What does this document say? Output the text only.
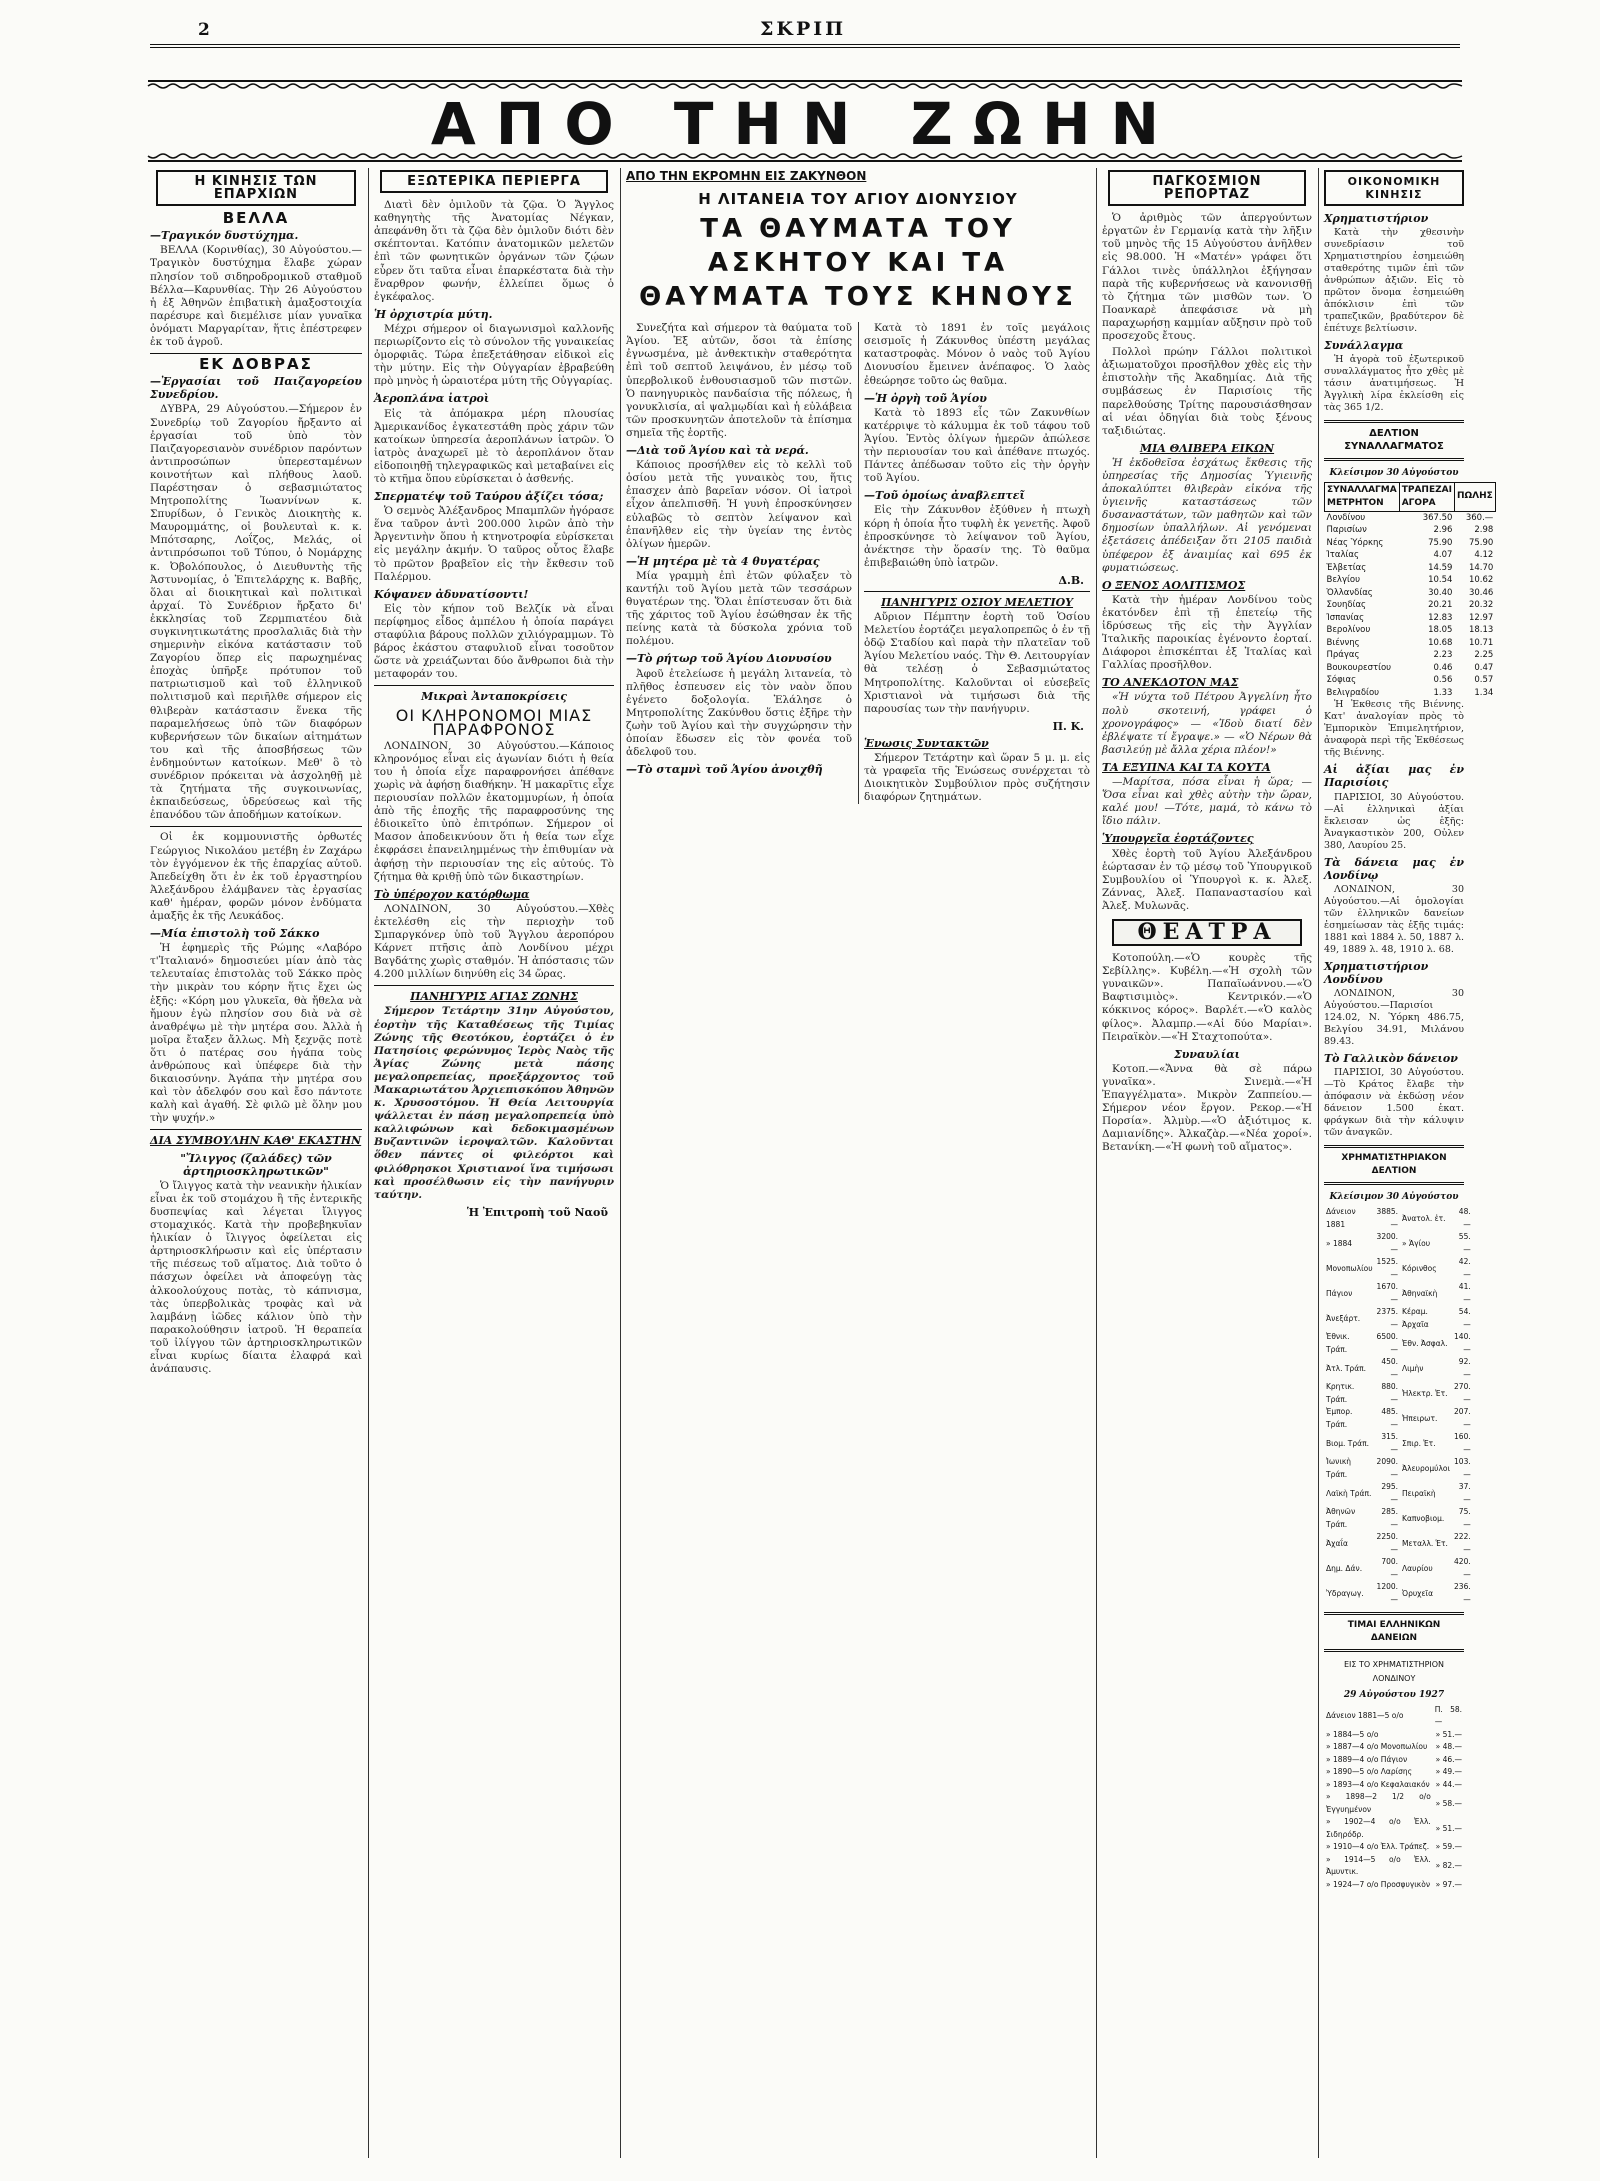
2	ΣΚΡΙΠ
ΑΠΟ ΤΗΝ ΖΩΗΝ
Η ΚΙΝΗΣΙΣ ΤΩΝ ΕΠΑΡΧΙΩΝ
ΒΕΛΛΑ
—Τραγικόν δυστύχημα.

ΒΕΛΛΑ (Κορινθίας), 30 Αὐγούστου.—Τραγικὸν δυστύχημα ἔλαβε χώραν πλησίον τοῦ σιδηροδρομικοῦ σταθμοῦ Βέλλα—Καρυνθίας. Τὴν 26 Αὐγούστου ἡ ἐξ Ἀθηνῶν ἐπιβατικὴ ἁμαξοστοιχία παρέσυρε καὶ διεμέλισε μίαν γυναῖκα ὀνόματι Μαργαρίταν, ἥτις ἐπέστρεφεν ἐκ τοῦ ἀγροῦ.

ΕΚ ΔΟΒΡΑΣ
—Ἐργασίαι τοῦ Παιζαγορείου Συνεδρίου.

ΔΥΒΡΑ, 29 Αὐγούστου.—Σήμερον ἐν Συνεδρίῳ τοῦ Ζαγορίου ἤρξαντο αἱ ἐργασίαι τοῦ ὑπὸ τὸν Παιζαγορεσιανὸν συνέδριον παρόντων ἀντιπροσώπων ὑπερεσταμένων κοινοτήτων καὶ πλήθους λαοῦ. Παρέστησαν ὁ σεβασμιώτατος Μητροπολίτης Ἰωαννίνων κ. Σπυρίδων, ὁ Γενικὸς Διοικητὴς κ. Μαυρομμάτης, οἱ βουλευταὶ κ. κ. Μπότσαρης, Λοΐζος, Μελάς, οἱ ἀντιπρόσωποι τοῦ Τύπου, ὁ Νομάρχης κ. Ὀβολόπουλος, ὁ Διευθυντὴς τῆς Ἀστυνομίας, ὁ Ἐπιτελάρχης κ. Βαβῆς, ὅλαι αἱ διοικητικαὶ καὶ πολιτικαὶ ἀρχαί. Τὸ Συνέδριον ἤρξατο δι' ἐκκλησίας τοῦ Ζερμπιατέου διὰ συγκινητικωτάτης προσλαλιᾶς διὰ τὴν σημερινὴν εἰκόνα κατάστασιν τοῦ Ζαγορίου ὅπερ εἰς παρωχημένας ἐποχὰς ὑπῆρξε πρότυπον τοῦ πατριωτισμοῦ καὶ τοῦ ἐλληνικοῦ πολιτισμοῦ καὶ περιῆλθε σήμερον εἰς θλιβερὰν κατάστασιν ἕνεκα τῆς παραμελήσεως ὑπὸ τῶν διαφόρων κυβερνήσεων τῶν δικαίων αἰτημάτων του καὶ τῆς ἀποσβήσεως τῶν ἐνδημούντων κατοίκων. Μεθ' ὃ τὸ συνέδριον πρόκειται νὰ ἀσχοληθῇ μὲ τὰ ζητήματα τῆς συγκοινωνίας, ἐκπαιδεύσεως, ὑδρεύσεως καὶ τῆς ἐπανόδου τῶν ἀποδήμων κατοίκων.

Οἱ ἐκ κομμουνιστῆς ὀρθωτές Γεώργιος Νικολάου μετέβη ἐν Ζαχάρω τὸν ἐγγόμενον ἐκ τῆς ἐπαρχίας αὐτοῦ. Ἀπεδείχθη ὅτι ἐν ἐκ τοῦ ἐργαστηρίου Ἀλεξάνδρου ἐλάμβανεν τὰς ἐργασίας καθ' ἡμέραν, φορῶν μόνον ἐνδύματα ἀμαξῆς ἐκ τῆς Λευκάδος.

—Μία ἐπιστολὴ τοῦ Σάκκο

Ἡ ἐφημερὶς τῆς Ρώμης «Λαβόρο τ'Ἰταλιανό» δημοσιεύει μίαν ἀπὸ τὰς τελευταίας ἐπιστολὰς τοῦ Σάκκο πρὸς τὴν μικρὰν του κόρην ἥτις ἔχει ὡς ἑξῆς: «Κόρη μου γλυκεῖα, θὰ ἤθελα νὰ ἤμουν ἐγὼ πλησίον σου διὰ νὰ σὲ ἀναθρέψω μὲ τὴν μητέρα σου. Ἀλλὰ ἡ μοῖρα ἔταξεν ἄλλως. Μὴ ξεχνᾷς ποτὲ ὅτι ὁ πατέρας σου ἠγάπα τοὺς ἀνθρώπους καὶ ὑπέφερε διὰ τὴν δικαιοσύνην. Ἀγάπα τὴν μητέρα σου καὶ τὸν ἀδελφόν σου καὶ ἔσο πάντοτε καλὴ καὶ ἀγαθή. Σὲ φιλῶ μὲ ὅλην μου τὴν ψυχήν.»

ΔΙΑ ΣΥΜΒΟΥΛΗΝ ΚΑΘ' ΕΚΑΣΤΗΝ
"Ἴλιγγος (ζαλάδες) τῶν ἀρτηριοσκληρωτικῶν"

Ὁ ἴλιγγος κατὰ τὴν νεανικὴν ἡλικίαν εἶναι ἐκ τοῦ στομάχου ἢ τῆς ἐντερικῆς δυσπεψίας καὶ λέγεται ἴλιγγος στομαχικός. Κατὰ τὴν προβεβηκυῖαν ἡλικίαν ὁ ἴλιγγος ὀφείλεται εἰς ἀρτηριοσκλήρωσιν καὶ εἰς ὑπέρτασιν τῆς πιέσεως τοῦ αἵματος. Διὰ τοῦτο ὁ πάσχων ὀφείλει νὰ ἀποφεύγῃ τὰς ἀλκοολούχους ποτὰς, τὸ κάπνισμα, τὰς ὑπερβολικὰς τροφὰς καὶ νὰ λαμβάνῃ ἰῶδες κάλιον ὑπὸ τὴν παρακολούθησιν ἰατροῦ. Ἡ θεραπεία τοῦ ἰλίγγου τῶν ἀρτηριοσκληρωτικῶν εἶναι κυρίως δίαιτα ἐλαφρά καὶ ἀνάπαυσις.

ΕΞΩΤΕΡΙΚΑ ΠΕΡΙΕΡΓΑ

Διατὶ δὲν ὁμιλοῦν τὰ ζῷα. Ὁ Ἄγγλος καθηγητὴς τῆς Ἀνατομίας Νέγκαν, ἀπεφάνθη ὅτι τὰ ζῷα δὲν ὁμιλοῦν διότι δὲν σκέπτονται. Κατόπιν ἀνατομικῶν μελετῶν ἐπὶ τῶν φωνητικῶν ὀργάνων τῶν ζῴων εὗρεν ὅτι ταῦτα εἶναι ἐπαρκέστατα διὰ τὴν ἔναρθρον φωνήν, ἐλλείπει ὅμως ὁ ἐγκέφαλος.

Ἡ ὀρχιστρία μύτη.

Μέχρι σήμερον οἱ διαγωνισμοὶ καλλονῆς περιωρίζοντο εἰς τὸ σύνολον τῆς γυναικείας ὀμορφιᾶς. Τώρα ἐπεξετάθησαν εἰδικοὶ εἰς τὴν μύτην. Εἰς τὴν Οὐγγαρίαν ἐβραβεύθη πρὸ μηνὸς ἡ ὡραιοτέρα μύτη τῆς Οὐγγαρίας.

Ἀεροπλάνα ἰατροὶ

Εἰς τὰ ἀπόμακρα μέρη πλουσίας Ἀμερικανίδος ἐγκατεστάθη πρὸς χάριν τῶν κατοίκων ὑπηρεσία ἀεροπλάνων ἰατρῶν. Ὁ ἰατρὸς ἀναχωρεῖ μὲ τὸ ἀεροπλάνον ὅταν εἰδοποιηθῇ τηλεγραφικῶς καὶ μεταβαίνει εἰς τὸ κτῆμα ὅπου εὑρίσκεται ὁ ἀσθενής.

Σπερματέψ τοῦ Ταύρου ἀξίζει τόσα;

Ὁ σεμνὸς Ἀλέξανδρος Μπαμπλῶν ἠγόρασε ἕνα ταῦρον ἀντὶ 200.000 λιρῶν ἀπὸ τὴν Ἀργεντινὴν ὅπου ἡ κτηνοτροφία εὑρίσκεται εἰς μεγάλην ἀκμήν. Ὁ ταῦρος οὗτος ἔλαβε τὸ πρῶτον βραβεῖον εἰς τὴν ἔκθεσιν τοῦ Παλέρμου.

Κόψανεν ἀδυνατίσοντι!

Εἰς τὸν κήπον τοῦ Βελζίκ νὰ εἶναι περίφημος εἶδος ἀμπέλου ἡ ὁποία παράγει σταφύλια βάρους πολλῶν χιλιόγραμμων. Τὸ βάρος ἑκάστου σταφυλιοῦ εἶναι τοσοῦτον ὥστε νὰ χρειάζωνται δύο ἄνθρωποι διὰ τὴν μεταφοράν του.

Μικραὶ Ἀνταποκρίσεις
ΟΙ ΚΛΗΡΟΝΟΜΟΙ ΜΙΑΣ ΠΑΡΑΦΡΟΝΟΣ

ΛΟΝΔΙΝΟΝ, 30 Αὐγούστου.—Κάποιος κληρονόμος εἶναι εἰς ἀγωνίαν διότι ἡ θεία του ἡ ὁποία εἶχε παραφρονήσει ἀπέθανε χωρὶς νὰ ἀφήσῃ διαθήκην. Ἡ μακαρῖτις εἶχε περιουσίαν πολλῶν ἑκατομμυρίων, ἡ ὁποία ἀπὸ τῆς ἐποχῆς τῆς παραφροσύνης της ἐδιοικεῖτο ὑπὸ ἐπιτρόπων. Σήμερον οἱ Μασον ἀποδεικνύουν ὅτι ἡ θεία των εἶχε ἐκφράσει ἐπανειλημμένως τὴν ἐπιθυμίαν νὰ ἀφήσῃ τὴν περιουσίαν της εἰς αὐτούς. Τὸ ζήτημα θὰ κριθῇ ὑπὸ τῶν δικαστηρίων.

Τὸ ὑπέροχον κατόρθωμα

ΛΟΝΔΙΝΟΝ, 30 Αὐγούστου.—Χθὲς ἐκτελέσθη εἰς τὴν περιοχὴν τοῦ Σμπαργκόνερ ὑπὸ τοῦ Ἄγγλου ἀεροπόρου Κάρνετ πτῆσις ἀπὸ Λονδίνου μέχρι Βαγδάτης χωρὶς σταθμόν. Ἡ ἀπόστασις τῶν 4.200 μιλλίων διηνύθη εἰς 34 ὥρας.

ΠΑΝΗΓΥΡΙΣ ΑΓΙΑΣ ΖΩΝΗΣ

Σήμερον Τετάρτην 31ην Αὐγούστου, ἑορτὴν τῆς Καταθέσεως τῆς Τιμίας Ζώνης τῆς Θεοτόκου, ἑορτάζει ὁ ἐν Πατησίοις φερώνυμος Ἱερὸς Ναὸς τῆς Ἁγίας Ζώνης μετὰ πάσης μεγαλοπρεπείας, προεξάρχοντος τοῦ Μακαριωτάτου Ἀρχιεπισκόπου Ἀθηνῶν κ. Χρυσοστόμου. Ἡ Θεία Λειτουργία ψάλλεται ἐν πάσῃ μεγαλοπρεπείᾳ ὑπὸ καλλιφώνων καὶ δεδοκιμασμένων Βυζαντινῶν ἱεροψαλτῶν. Καλοῦνται ὅθεν πάντες οἱ φιλεόρτοι καὶ φιλόθρησκοι Χριστιανοί ἵνα τιμήσωσι καὶ προσέλθωσιν εἰς τὴν πανήγυριν ταύτην.

Ἡ Ἐπιτροπὴ τοῦ Ναοῦ
ΑΠΟ ΤΗΝ ΕΚΡΟΜΗΝ ΕΙΣ ΖΑΚΥΝΘΟΝ
Η ΛΙΤΑΝΕΙΑ ΤΟΥ ΑΓΙΟΥ ΔΙΟΝΥΣΙΟΥ
ΤΑ ΘΑΥΜΑΤΑ ΤΟΥ ΑΣΚΗΤΟΥ ΚΑΙ ΤΑ ΘΑΥΜΑΤΑ ΤΟΥΣ ΚΗΝΟΥΣ

Συνεζήτα καὶ σήμερον τὰ θαύματα τοῦ Ἁγίου. Ἐξ αὐτῶν, ὅσοι τὰ ἐπίσης ἐγνωσμένα, μὲ ἀνθεκτικὴν σταθερότητα ἐπὶ τοῦ σεπτοῦ λειψάνου, ἐν μέσῳ τοῦ ὑπερβολικοῦ ἐνθουσιασμοῦ τῶν πιστῶν. Ὁ πανηγυρικὸς πανδαίσια τῆς πόλεως, ἡ γονυκλισία, αἱ ψαλμῳδίαι καὶ ἡ εὐλάβεια τῶν προσκυνητῶν ἀποτελοῦν τὰ ἐπίσημα σημεῖα τῆς ἑορτῆς.

—Διὰ τοῦ Ἁγίου καὶ τὰ νερά.

Κάποιος προσήλθεν εἰς τὸ κελλὶ τοῦ ὁσίου μετὰ τῆς γυναικὸς του, ἥτις ἐπασχεν ἀπὸ βαρεῖαν νόσον. Οἱ ἰατροὶ εἶχον ἀπελπισθῆ. Ἡ γυνὴ ἐπροσκύνησεν εὐλαβῶς τὸ σεπτὸν λείψανον καὶ ἐπανῆλθεν εἰς τὴν ὑγείαν της ἐντὸς ὀλίγων ἡμερῶν.

—Ἡ μητέρα μὲ τὰ 4 θυγατέρας

Μία γραμμὴ ἐπὶ ἐτῶν φύλαξεν τὸ καντήλι τοῦ Ἁγίου μετὰ τῶν τεσσάρων θυγατέρων της. Ὅλαι ἐπίστευσαν ὅτι διὰ τῆς χάριτος τοῦ Ἁγίου ἐσώθησαν ἐκ τῆς πείνης κατὰ τὰ δύσκολα χρόνια τοῦ πολέμου.

—Τὸ ρήτωρ τοῦ Ἁγίου Διονυσίου

Ἀφοῦ ἐτελείωσε ἡ μεγάλη λιτανεία, τὸ πλῆθος ἐσπευσεν εἰς τὸν ναὸν ὅπου ἐγένετο δοξολογία. Ἐλάλησε ὁ Μητροπολίτης Ζακύνθου ὅστις ἐξῆρε τὴν ζωὴν τοῦ Ἁγίου καὶ τὴν συγχώρησιν τὴν ὁποίαν ἔδωσεν εἰς τὸν φονέα τοῦ ἀδελφοῦ του.

—Τὸ σταμνὶ τοῦ Ἁγίου ἀνοιχθῆ

Κατὰ τὸ 1891 ἐν τοῖς μεγάλοις σεισμοῖς ἡ Ζάκυνθος ὑπέστη μεγάλας καταστροφὰς. Μόνον ὁ ναὸς τοῦ Ἁγίου Διονυσίου ἔμεινεν ἀνέπαφος. Ὁ λαὸς ἐθεώρησε τοῦτο ὡς θαῦμα.

—Ἡ ὀργὴ τοῦ Ἁγίου

Κατὰ τὸ 1893 εἷς τῶν Ζακυνθίων κατέρριψε τὸ κάλυμμα ἐκ τοῦ τάφου τοῦ Ἁγίου. Ἐντὸς ὀλίγων ἡμερῶν ἀπώλεσε τὴν περιουσίαν του καὶ ἀπέθανε πτωχός. Πάντες ἀπέδωσαν τοῦτο εἰς τὴν ὀργὴν τοῦ Ἁγίου.

—Τοῦ ὁμοίως ἀναβλεπτεῖ

Εἰς τὴν Ζάκυνθον ἐξύθνεν ἡ πτωχὴ κόρη ἡ ὁποία ἦτο τυφλὴ ἐκ γενετῆς. Ἀφοῦ ἐπροσκύνησε τὸ λείψανον τοῦ Ἁγίου, ἀνέκτησε τὴν ὅρασίν της. Τὸ θαῦμα ἐπιβεβαιώθη ὑπὸ ἰατρῶν.

Δ.Β.
ΠΑΝΗΓΥΡΙΣ ΟΣΙΟΥ ΜΕΛΕΤΙΟΥ

Αὔριον Πέμπτην ἑορτὴ τοῦ Ὁσίου Μελετίου ἑορτάζει μεγαλοπρεπῶς ὁ ἐν τῇ ὁδῷ Σταδίου καὶ παρὰ τὴν πλατεῖαν τοῦ Ἁγίου Μελετίου ναός. Τὴν Θ. Λειτουργίαν θὰ τελέσῃ ὁ Σεβασμιώτατος Μητροπολίτης. Καλοῦνται οἱ εὐσεβεῖς Χριστιανοὶ νὰ τιμήσωσι διὰ τῆς παρουσίας των τὴν πανήγυριν.

Π. Κ.
Ἑνωσις Συντακτῶν

Σήμερον Τετάρτην καὶ ὥραν 5 μ. μ. εἰς τὰ γραφεῖα τῆς Ἑνώσεως συνέρχεται τὸ Διοικητικὸν Συμβούλιον πρὸς συζήτησιν διαφόρων ζητημάτων.

ΠΑΓΚΟΣΜΙΟΝ ΡΕΠΟΡΤΑΖ

Ὁ ἀριθμὸς τῶν ἀπεργούντων ἐργατῶν ἐν Γερμανίᾳ κατὰ τὴν λῆξιν τοῦ μηνὸς τῆς 15 Αὐγούστου ἀνῆλθεν εἰς 98.000. Ἡ «Ματέν» γράφει ὅτι Γάλλοι τινὲς ὑπάλληλοι ἐξήγησαν παρὰ τῆς κυβερνήσεως νὰ κανονισθῇ τὸ ζήτημα τῶν μισθῶν των. Ὁ Ποανκαρὲ ἀπεφάσισε νὰ μὴ παραχωρήσῃ καμμίαν αὔξησιν πρὸ τοῦ προσεχοῦς ἔτους.

Πολλοὶ πρώην Γάλλοι πολιτικοὶ ἀξιωματοῦχοι προσῆλθον χθὲς εἰς τὴν ἐπιστολὴν τῆς Ἀκαδημίας. Διὰ τῆς συμβάσεως ἐν Παρισίοις τῆς παρελθούσης Τρίτης παρουσιάσθησαν αἱ νέαι ὁδηγίαι διὰ τοὺς ξένους ταξιδιώτας.

ΜΙΑ ΘΛΙΒΕΡΑ ΕΙΚΩΝ

Ἡ ἐκδοθεῖσα ἐσχάτως ἔκθεσις τῆς ὑπηρεσίας τῆς Δημοσίας Ὑγιεινῆς ἀποκαλύπτει θλιβερὰν εἰκόνα τῆς ὑγιεινῆς καταστάσεως τῶν δυσαναστάτων, τῶν μαθητῶν καὶ τῶν δημοσίων ὑπαλλήλων. Αἱ γενόμεναι ἐξετάσεις ἀπέδειξαν ὅτι 2105 παιδιὰ ὑπέφερον ἐξ ἀναιμίας καὶ 695 ἐκ φυματιώσεως.

Ο ΞΕΝΟΣ ΑΟΛΙΤΙΣΜΟΣ

Κατὰ τὴν ἡμέραν Λονδίνου τοὺς ἑκατόνδεν ἐπὶ τῇ ἐπετείῳ τῆς ἱδρύσεως τῆς εἰς τὴν Ἀγγλίαν Ἰταλικῆς παροικίας ἐγένοντο ἑορταί. Διάφοροι ἐπισκέπται ἐξ Ἰταλίας καὶ Γαλλίας προσῆλθον.

ΤΟ ΑΝΕΚΔΟΤΟΝ ΜΑΣ

«Ἡ νύχτα τοῦ Πέτρου Ἀγγελίνη ἦτο πολὺ σκοτεινή, γράφει ὁ χρονογράφος» — «Ἰδοὺ διατί δὲν ἐβλέψατε τί ἔγραψε.» — «Ὁ Νέρων θὰ βασιλεύῃ μὲ ἄλλα χέρια πλέον!»

ΤΑ ΕΞΥΠΝΑ ΚΑΙ ΤΑ ΚΟΥΤΑ

—Μαρίτσα, πόσα εἶναι ἡ ὥρα; — Ὅσα εἶναι καὶ χθὲς αὐτὴν τὴν ὥραν, καλέ μου! —Τότε, μαμά, τὸ κάνω τὸ ἴδιο πάλιν.

Ὑπουργεῖα ἑορτάζοντες

Χθὲς ἑορτὴ τοῦ Ἁγίου Ἀλεξάνδρου ἑώρτασαν ἐν τῷ μέσῳ τοῦ Ὑπουργικοῦ Συμβουλίου οἱ Ὑπουργοὶ κ. κ. Ἀλεξ. Ζάννας, Ἀλεξ. Παπαναστασίου καὶ Ἀλεξ. Μυλωνᾶς.

ΘΕΑΤΡΑ

Κοτοπούλη.—«Ὁ κουρὲς τῆς Σεβίλλης». Κυβέλη.—«Ἡ σχολὴ τῶν γυναικῶν». Παπαϊωάννου.—«Ὁ Βαφτισιμιὸς». Κεντρικόν.—«Ὁ κόκκινος κόρος». Βαρλέτ.—«Ὁ καλὸς φίλος». Ἀλαμπρ.—«Αἱ δύο Μαρίαι». Πειραϊκὸν.—«Ἡ Σταχτοπούτα».

Συναυλίαι

Κοτοπ.—«Ἄννα θὰ σὲ πάρω γυναῖκα». Σινεμὰ.—«Ἡ Ἐπαγγέλματα». Μικρὸν Ζαππείου.—Σήμερον νέον ἔργον. Ρεκορ.—«Ἡ Πορσία». Ἀλμὺρ.—«Ὁ ἀξιότιμος κ. Δαμιανίδης». Ἀλκαζὰρ.—«Νέα χοροί». Βετανίκη.—«Ἡ φωνὴ τοῦ αἵματος».

ΟΙΚΟΝΟΜΙΚΗ ΚΙΝΗΣΙΣ
Χρηματιστήριον

Κατὰ τὴν χθεσινὴν συνεδρίασιν τοῦ Χρηματιστηρίου ἐσημειώθη σταθερότης τιμῶν ἐπὶ τῶν ἀνθρώπων ἀξιῶν. Εἰς τὸ πρῶτον ὅνομα ἐσημειώθη ἀπόκλισιν ἐπὶ τῶν τραπεζικῶν, βραδύτερον δὲ ἐπέτυχε βελτίωσιν.

Συνάλλαγμα

Ἡ ἀγορὰ τοῦ ἐξωτερικοῦ συναλλάγματος ἦτο χθὲς μὲ τάσιν ἀνατιμήσεως. Ἡ Ἀγγλικὴ λίρα ἐκλείσθη εἰς τὰς 365 1/2.

ΔΕΛΤΙΟΝ ΣΥΝΑΛΛΑΓΜΑΤΟΣ
Κλείσιμον 30 Αὐγούστου
ΣΥΝΑΛΛΑΓΜΑ ΜΕΤΡΗΤΟΝ	ΤΡΑΠΕΖΑΙ ΑΓΟΡΑ	ΠΩΛΗΣ
Λονδίνου	367.50	360.—
Παρισίων	2.96	2.98
Νέας Ὑόρκης	75.90	75.90
Ἰταλίας	4.07	4.12
Ἑλβετίας	14.59	14.70
Βελγίου	10.54	10.62
Ὁλλανδίας	30.40	30.46
Σουηδίας	20.21	20.32
Ἰσπανίας	12.83	12.97
Βερολίνου	18.05	18.13
Βιέννης	10.68	10.71
Πράγας	2.23	2.25
Βουκουρεστίου	0.46	0.47
Σόφιας	0.56	0.57
Βελιγραδίου	1.33	1.34

Ἡ Ἐκθεσις τῆς Βιέννης. Κατ' ἀναλογίαν πρὸς τὸ Ἐμπορικὸν Ἐπιμελητήριον, ἀναφορὰ περὶ τῆς Ἐκθέσεως τῆς Βιέννης.

Αἱ ἀξίαι μας ἐν Παρισίοις

ΠΑΡΙΣΙΟΙ, 30 Αὐγούστου.—Αἱ ἑλληνικαὶ ἀξίαι ἔκλεισαν ὡς ἑξῆς: Ἀναγκαστικὸν 200, Οὐλεν 380, Λαυρίου 25.

Τὰ δάνεια μας ἐν Λονδίνῳ

ΛΟΝΔΙΝΟΝ, 30 Αὐγούστου.—Αἱ ὁμολογίαι τῶν ἑλληνικῶν δανείων ἐσημείωσαν τὰς ἑξῆς τιμάς: 1881 καὶ 1884 λ. 50, 1887 λ. 49, 1889 λ. 48, 1910 λ. 68.

Χρηματιστήριον Λονδίνου

ΛΟΝΔΙΝΟΝ, 30 Αὐγούστου.—Παρισίοι 124.02, Ν. Ὑόρκη 486.75, Βελγίου 34.91, Μιλάνου 89.43.

Τὸ Γαλλικὸν δάνειον

ΠΑΡΙΣΙΟΙ, 30 Αὐγούστου.—Τὸ Κράτος ἔλαβε τὴν ἀπόφασιν νὰ ἐκδώσῃ νέον δάνειον 1.500 ἑκατ. φράγκων διὰ τὴν κάλυψιν τῶν ἀναγκῶν.

ΧΡΗΜΑΤΙΣΤΗΡΙΑΚΟΝ ΔΕΛΤΙΟΝ
Κλείσιμον 30 Αὐγούστου
Δάνειον 1881	3885.—	Ἀνατολ. ἑτ.	48.—
» 1884	3200.—	» Ἁγίου	55.—
Μονοπωλίου	1525.—	Κόρινθος	42.—
Πάγιον	1670.—	Ἀθηναϊκὴ	41.—
Ἀνεξάρτ.	2375.—	Κέραμ. Ἀρχαῖα	54.—
Ἐθνικ. Τράπ.	6500.—	Ἐθν. Ἀσφαλ.	140.—
Ἀτλ. Τράπ.	450.—	Λιμὴν	92.—
Κρητικ. Τράπ.	880.—	Ἡλεκτρ. Ἑτ.	270.—
Ἐμπορ. Τράπ.	485.—	Ἠπειρωτ.	207.—
Βιομ. Τράπ.	315.—	Σπιρ. Ἑτ.	160.—
Ἰωνικὴ Τράπ.	2090.—	Ἀλευρομύλοι	103.—
Λαϊκὴ Τράπ.	295.—	Πειραϊκὴ	37.—
Ἀθηνῶν Τράπ.	285.—	Καπνοβιομ.	75.—
Ἀχαΐα	2250.—	Μεταλλ. Ἑτ.	222.—
Δημ. Δάν.	700.—	Λαυρίου	420.—
Ὑδραγωγ.	1200.—	Ὀρυχεῖα	236.—
ΤΙΜΑΙ ΕΛΛΗΝΙΚΩΝ ΔΑΝΕΙΩΝ
ΕΙΣ ΤΟ ΧΡΗΜΑΤΙΣΤΗΡΙΟΝ ΛΟΝΔΙΝΟΥ
29 Αὐγούστου 1927
Δάνειον 1881—5 ο/ο	Π. 58.—
» 1884—5 ο/ο	» 51.—
» 1887—4 ο/ο Μονοπωλίου	» 48.—
» 1889—4 ο/ο Πάγιον	» 46.—
» 1890—5 ο/ο Λαρίσης	» 49.—
» 1893—4 ο/ο Κεφαλαιακόν	» 44.—
» 1898—2 1/2 ο/ο Ἐγγυημένον	» 58.—
» 1902—4 ο/ο Ἐλλ. Σιδηρόδρ.	» 51.—
» 1910—4 ο/ο Ἐλλ. Τράπεζ.	» 59.—
» 1914—5 ο/ο Ἐλλ. Ἀμυντικ.	» 82.—
» 1924—7 ο/ο Προσφυγικὸν	» 97.—
